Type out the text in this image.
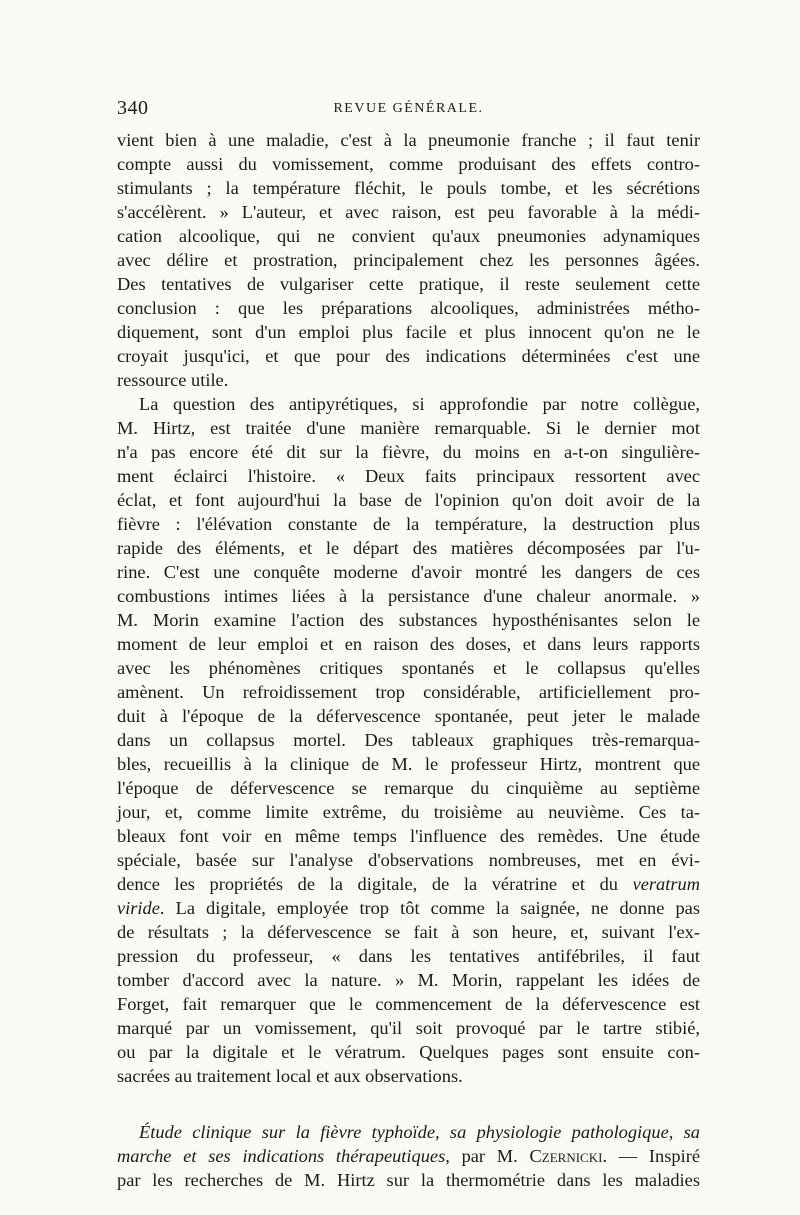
340	REVUE GÉNÉRALE.
vient bien à une maladie, c'est à la pneumonie franche ; il faut tenir
compte aussi du vomissement, comme produisant des effets contro-
stimulants ; la température fléchit, le pouls tombe, et les sécrétions
s'accélèrent. » L'auteur, et avec raison, est peu favorable à la médi-
cation alcoolique, qui ne convient qu'aux pneumonies adynamiques
avec délire et prostration, principalement chez les personnes âgées.
Des tentatives de vulgariser cette pratique, il reste seulement cette
conclusion : que les préparations alcooliques, administrées métho-
diquement, sont d'un emploi plus facile et plus innocent qu'on ne le
croyait jusqu'ici, et que pour des indications déterminées c'est une
ressource utile.
La question des antipyrétiques, si approfondie par notre collègue,
M. Hirtz, est traitée d'une manière remarquable. Si le dernier mot
n'a pas encore été dit sur la fièvre, du moins en a-t-on singulière-
ment éclairci l'histoire. « Deux faits principaux ressortent avec
éclat, et font aujourd'hui la base de l'opinion qu'on doit avoir de la
fièvre : l'élévation constante de la température, la destruction plus
rapide des éléments, et le départ des matières décomposées par l'u-
rine. C'est une conquête moderne d'avoir montré les dangers de ces
combustions intimes liées à la persistance d'une chaleur anormale. »
M. Morin examine l'action des substances hyposthénisantes selon le
moment de leur emploi et en raison des doses, et dans leurs rapports
avec les phénomènes critiques spontanés et le collapsus qu'elles
amènent. Un refroidissement trop considérable, artificiellement pro-
duit à l'époque de la défervescence spontanée, peut jeter le malade
dans un collapsus mortel. Des tableaux graphiques très-remarqua-
bles, recueillis à la clinique de M. le professeur Hirtz, montrent que
l'époque de défervescence se remarque du cinquième au septième
jour, et, comme limite extrême, du troisième au neuvième. Ces ta-
bleaux font voir en même temps l'influence des remèdes. Une étude
spéciale, basée sur l'analyse d'observations nombreuses, met en évi-
dence les propriétés de la digitale, de la vératrine et du veratrum
viride. La digitale, employée trop tôt comme la saignée, ne donne pas
de résultats ; la défervescence se fait à son heure, et, suivant l'ex-
pression du professeur, « dans les tentatives antifébriles, il faut
tomber d'accord avec la nature. » M. Morin, rappelant les idées de
Forget, fait remarquer que le commencement de la défervescence est
marqué par un vomissement, qu'il soit provoqué par le tartre stibié,
ou par la digitale et le vératrum. Quelques pages sont ensuite con-
sacrées au traitement local et aux observations.
Étude clinique sur la fièvre typhoïde, sa physiologie pathologique, sa
marche et ses indications thérapeutiques, par M. Czernicki. — Inspiré
par les recherches de M. Hirtz sur la thermométrie dans les maladies
